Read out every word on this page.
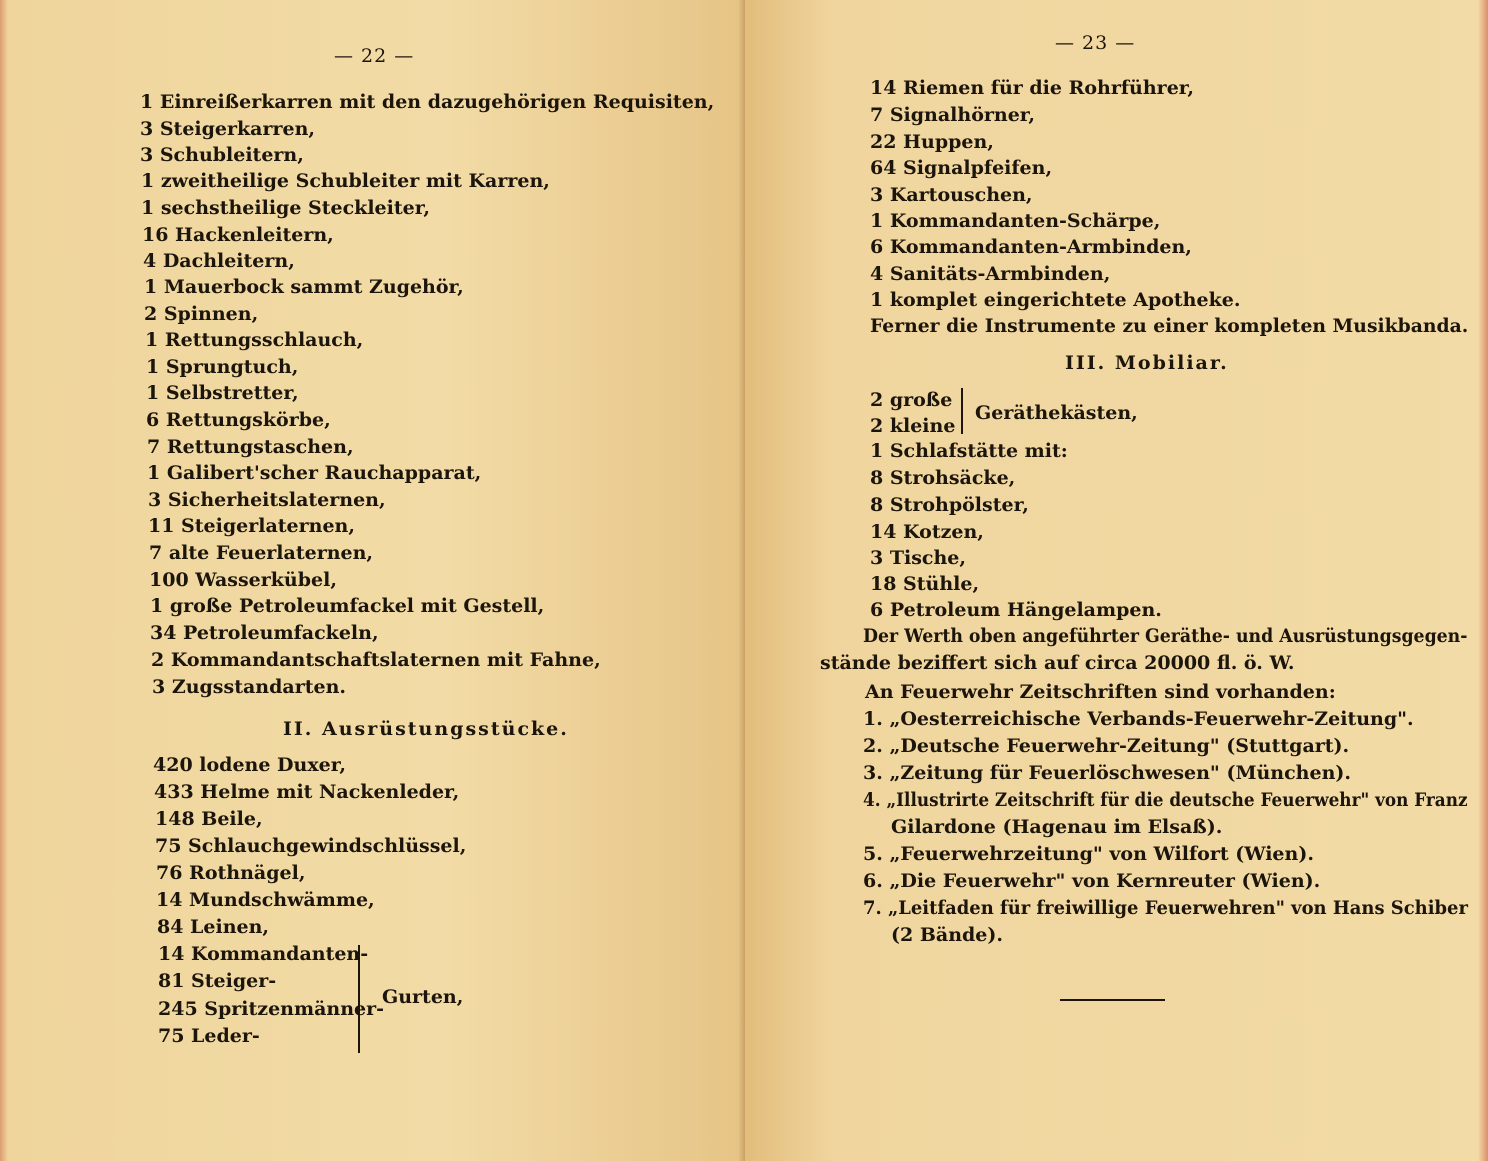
— 22 —
1 Einreißerkarren mit den dazugehörigen Requisiten,
3 Steigerkarren,
3 Schubleitern,
1 zweitheilige Schubleiter mit Karren,
1 sechstheilige Steckleiter,
16 Hackenleitern,
4 Dachleitern,
1 Mauerbock sammt Zugehör,
2 Spinnen,
1 Rettungsschlauch,
1 Sprungtuch,
1 Selbstretter,
6 Rettungskörbe,
7 Rettungstaschen,
1 Galibert'scher Rauchapparat,
3 Sicherheitslaternen,
11 Steigerlaternen,
7 alte Feuerlaternen,
100 Wasserkübel,
1 große Petroleumfackel mit Gestell,
34 Petroleumfackeln,
2 Kommandantschaftslaternen mit Fahne,
3 Zugsstandarten.
II. Ausrüstungsstücke.
420 lodene Duxer,
433 Helme mit Nackenleder,
148 Beile,
75 Schlauchgewindschlüssel,
76 Rothnägel,
14 Mundschwämme,
84 Leinen,
14 Kommandanten-
81 Steiger-
245 Spritzenmänner-
75 Leder-
Gurten,
— 23 —
14 Riemen für die Rohrführer,
7 Signalhörner,
22 Huppen,
64 Signalpfeifen,
3 Kartouschen,
1 Kommandanten-Schärpe,
6 Kommandanten-Armbinden,
4 Sanitäts-Armbinden,
1 komplet eingerichtete Apotheke.
Ferner die Instrumente zu einer kompleten Musikbanda.
III. Mobiliar.
2 große
2 kleine
Geräthekästen,
1 Schlafstätte mit:
8 Strohsäcke,
8 Strohpölster,
14 Kotzen,
3 Tische,
18 Stühle,
6 Petroleum Hängelampen.
Der Werth oben angeführter Geräthe- und Ausrüstungsgegen-
stände beziffert sich auf circa 20000 fl. ö. W.
An Feuerwehr Zeitschriften sind vorhanden:
1. „Oesterreichische Verbands-Feuerwehr-Zeitung".
2. „Deutsche Feuerwehr-Zeitung" (Stuttgart).
3. „Zeitung für Feuerlöschwesen" (München).
4. „Illustrirte Zeitschrift für die deutsche Feuerwehr" von Franz
Gilardone (Hagenau im Elsaß).
5. „Feuerwehrzeitung" von Wilfort (Wien).
6. „Die Feuerwehr" von Kernreuter (Wien).
7. „Leitfaden für freiwillige Feuerwehren" von Hans Schiber
(2 Bände).
